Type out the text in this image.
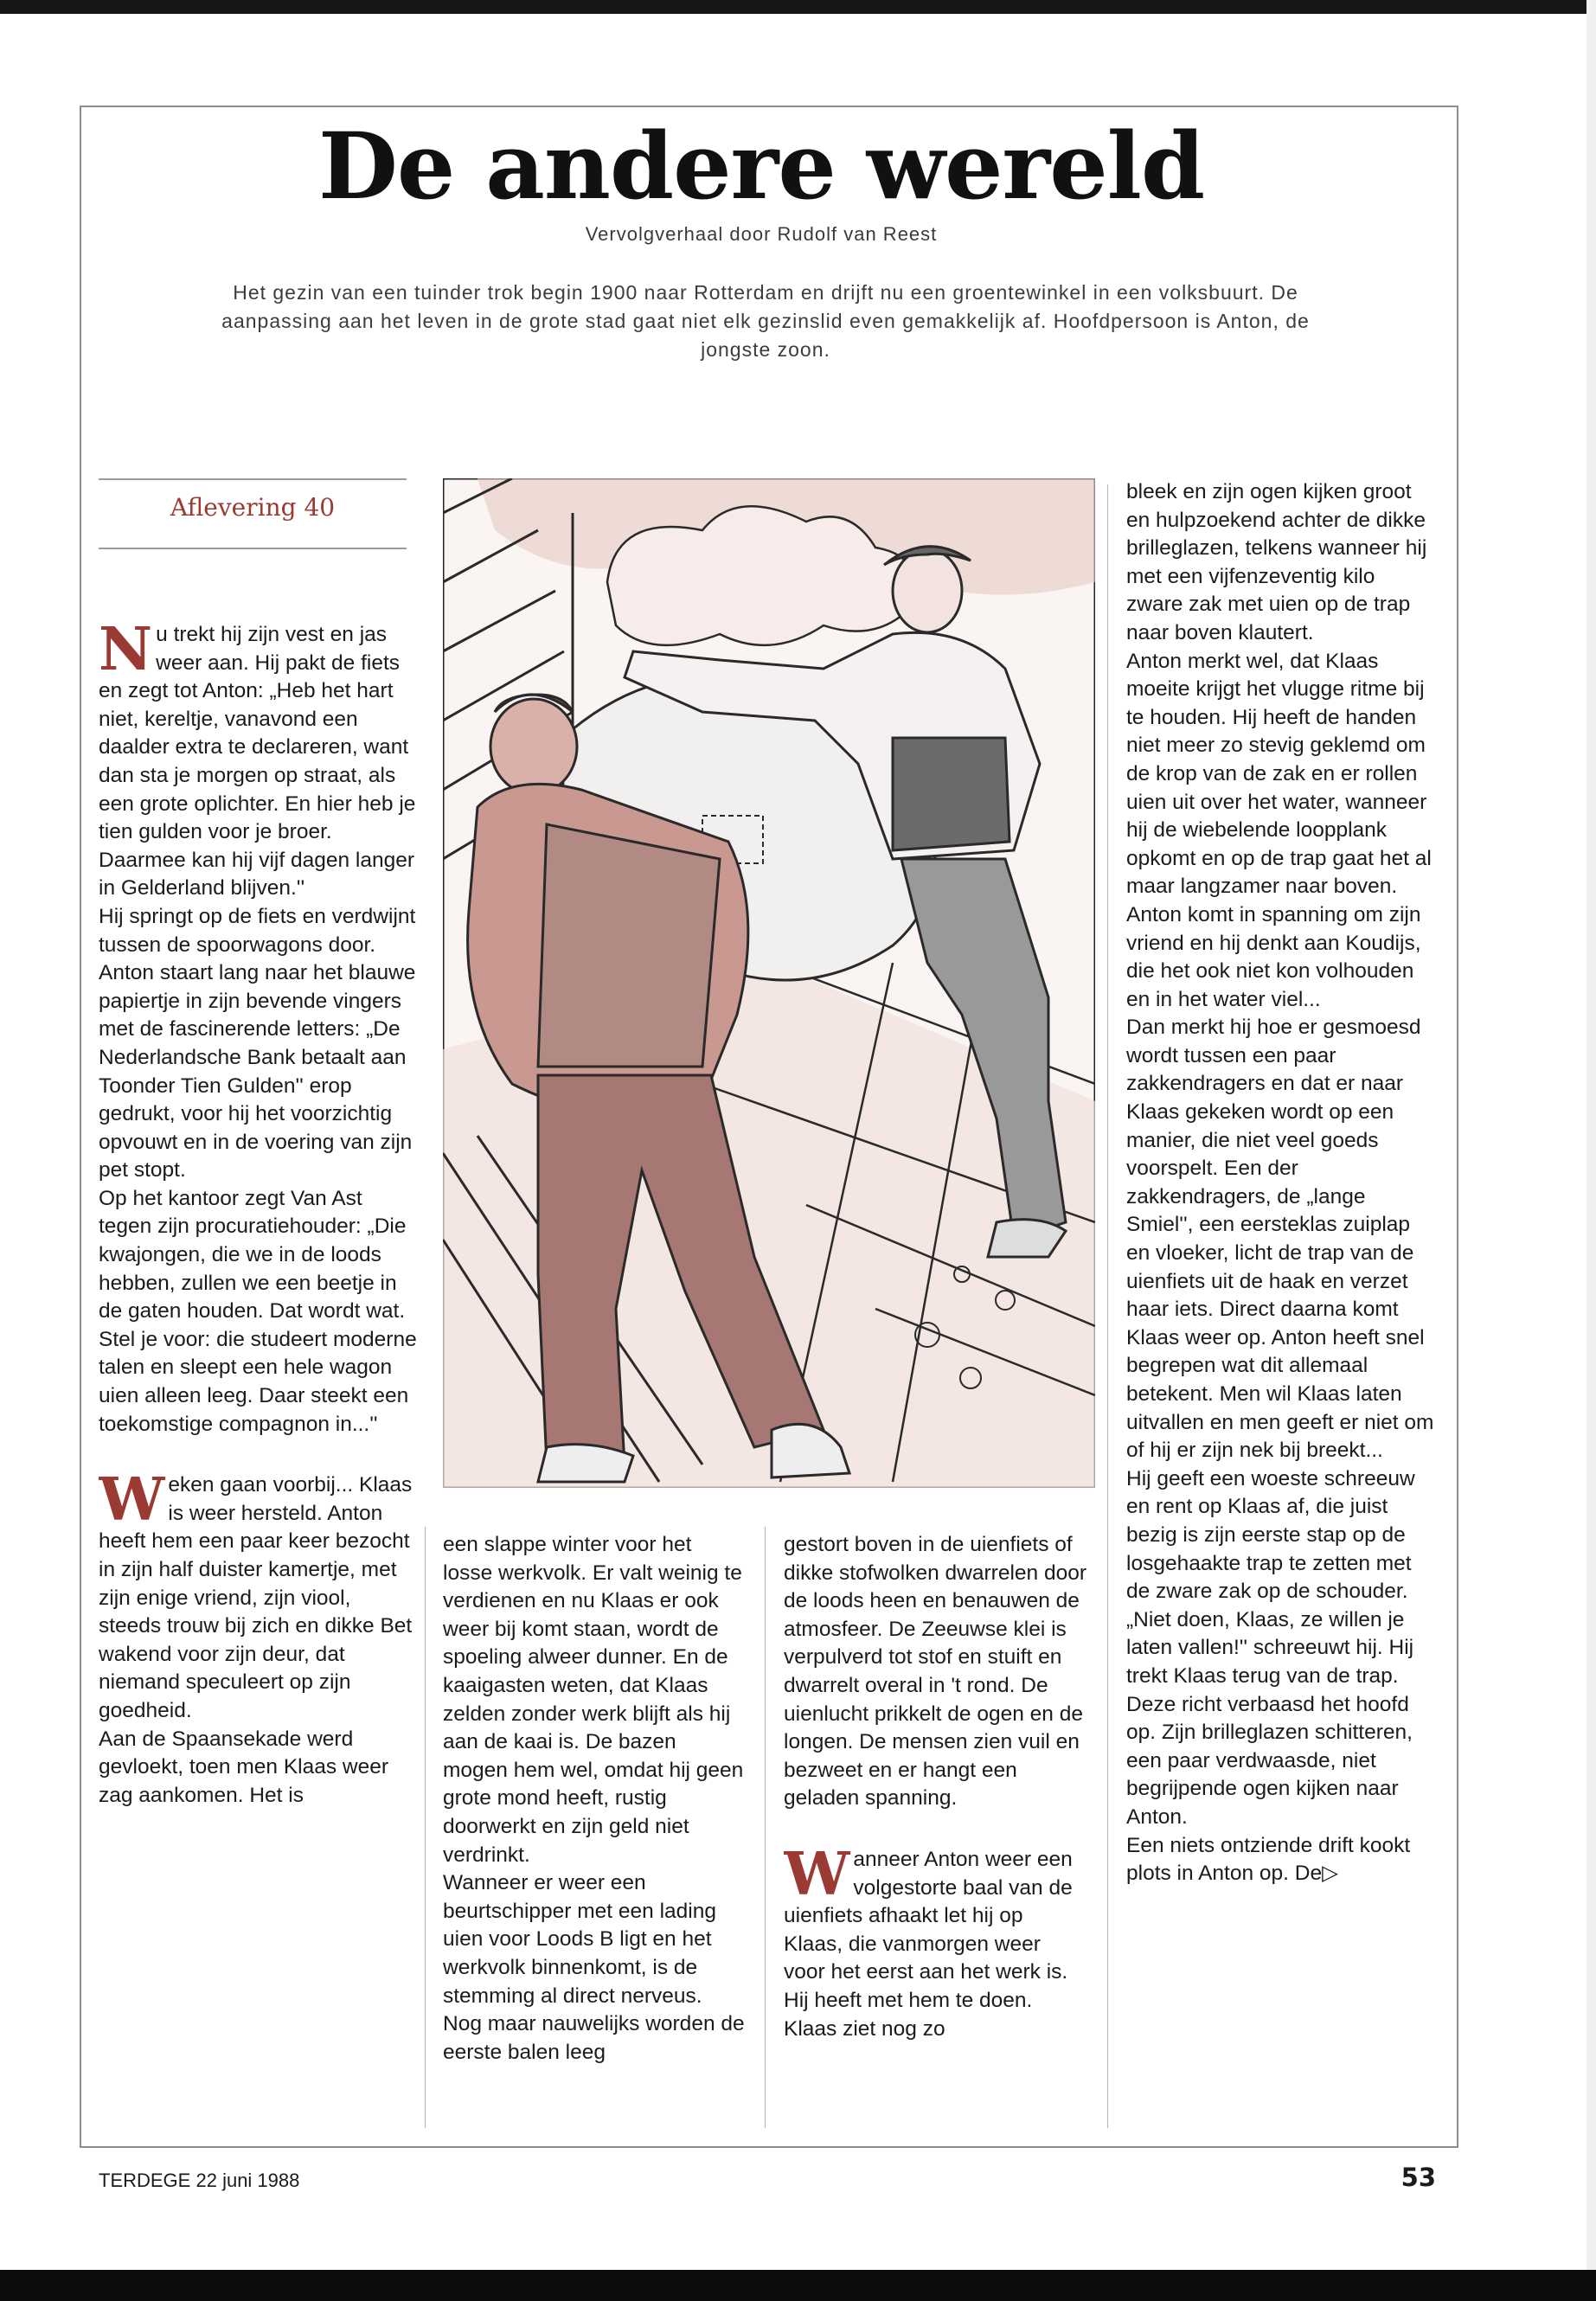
De andere wereld
Vervolgverhaal door Rudolf van Reest
Het gezin van een tuinder trok begin 1900 naar Rotterdam en drijft nu een groentewinkel in een volksbuurt. De aanpassing aan het leven in de grote stad gaat niet elk gezinslid even gemakkelijk af. Hoofdpersoon is Anton, de jongste zoon.
Aflevering 40

Nu trekt hij zijn vest en jas weer aan. Hij pakt de fiets en zegt tot Anton: „Heb het hart niet, kereltje, vanavond een daalder extra te declareren, want dan sta je morgen op straat, als een grote oplichter. En hier heb je tien gulden voor je broer. Daarmee kan hij vijf dagen langer in Gelderland blijven.''

Hij springt op de fiets en verdwijnt tussen de spoorwagons door.

Anton staart lang naar het blauwe papiertje in zijn bevende vingers met de fascinerende letters: „De Nederlandsche Bank betaalt aan Toonder Tien Gulden'' erop gedrukt, voor hij het voorzichtig opvouwt en in de voering van zijn pet stopt.

Op het kantoor zegt Van Ast tegen zijn procuratiehouder: „Die kwajongen, die we in de loods hebben, zullen we een beetje in de gaten houden. Dat wordt wat. Stel je voor: die studeert moderne talen en sleept een hele wagon uien alleen leeg. Daar steekt een toekomstige compagnon in...''

Weken gaan voorbij... Klaas is weer hersteld. Anton heeft hem een paar keer bezocht in zijn half duister kamertje, met zijn enige vriend, zijn viool, steeds trouw bij zich en dikke Bet wakend voor zijn deur, dat niemand speculeert op zijn goedheid.

Aan de Spaansekade werd gevloekt, toen men Klaas weer zag aankomen. Het is

een slappe winter voor het losse werkvolk. Er valt weinig te verdienen en nu Klaas er ook weer bij komt staan, wordt de spoeling alweer dunner. En de kaaigasten weten, dat Klaas zelden zonder werk blijft als hij aan de kaai is. De bazen mogen hem wel, omdat hij geen grote mond heeft, rustig doorwerkt en zijn geld niet verdrinkt.

Wanneer er weer een beurtschipper met een lading uien voor Loods B ligt en het werkvolk binnenkomt, is de stemming al direct nerveus.

Nog maar nauwelijks worden de eerste balen leeg

gestort boven in de uienfiets of dikke stofwolken dwarrelen door de loods heen en benauwen de atmosfeer. De Zeeuwse klei is verpulverd tot stof en stuift en dwarrelt overal in 't rond. De uienlucht prikkelt de ogen en de longen. De mensen zien vuil en bezweet en er hangt een geladen spanning.

Wanneer Anton weer een volgestorte baal van de uienfiets afhaakt let hij op Klaas, die vanmorgen weer voor het eerst aan het werk is. Hij heeft met hem te doen. Klaas ziet nog zo

bleek en zijn ogen kijken groot en hulpzoekend achter de dikke brilleglazen, telkens wanneer hij met een vijfenzeventig kilo zware zak met uien op de trap naar boven klautert.

Anton merkt wel, dat Klaas moeite krijgt het vlugge ritme bij te houden. Hij heeft de handen niet meer zo stevig geklemd om de krop van de zak en er rollen uien uit over het water, wanneer hij de wiebelende loopplank opkomt en op de trap gaat het al maar langzamer naar boven.

Anton komt in spanning om zijn vriend en hij denkt aan Koudijs, die het ook niet kon volhouden en in het water viel...

Dan merkt hij hoe er gesmoesd wordt tussen een paar zakkendragers en dat er naar Klaas gekeken wordt op een manier, die niet veel goeds voorspelt. Een der zakkendragers, de „lange Smiel'', een eersteklas zuiplap en vloeker, licht de trap van de uienfiets uit de haak en verzet haar iets. Direct daarna komt Klaas weer op. Anton heeft snel begrepen wat dit allemaal betekent. Men wil Klaas laten uitvallen en men geeft er niet om of hij er zijn nek bij breekt...

Hij geeft een woeste schreeuw en rent op Klaas af, die juist bezig is zijn eerste stap op de losgehaakte trap te zetten met de zware zak op de schouder.

„Niet doen, Klaas, ze willen je laten vallen!'' schreeuwt hij. Hij trekt Klaas terug van de trap. Deze richt verbaasd het hoofd op. Zijn brilleglazen schitteren, een paar verdwaasde, niet begrijpende ogen kijken naar Anton.

Een niets ontziende drift kookt plots in Anton op. De▷

TERDEGE 22 juni 1988	53
